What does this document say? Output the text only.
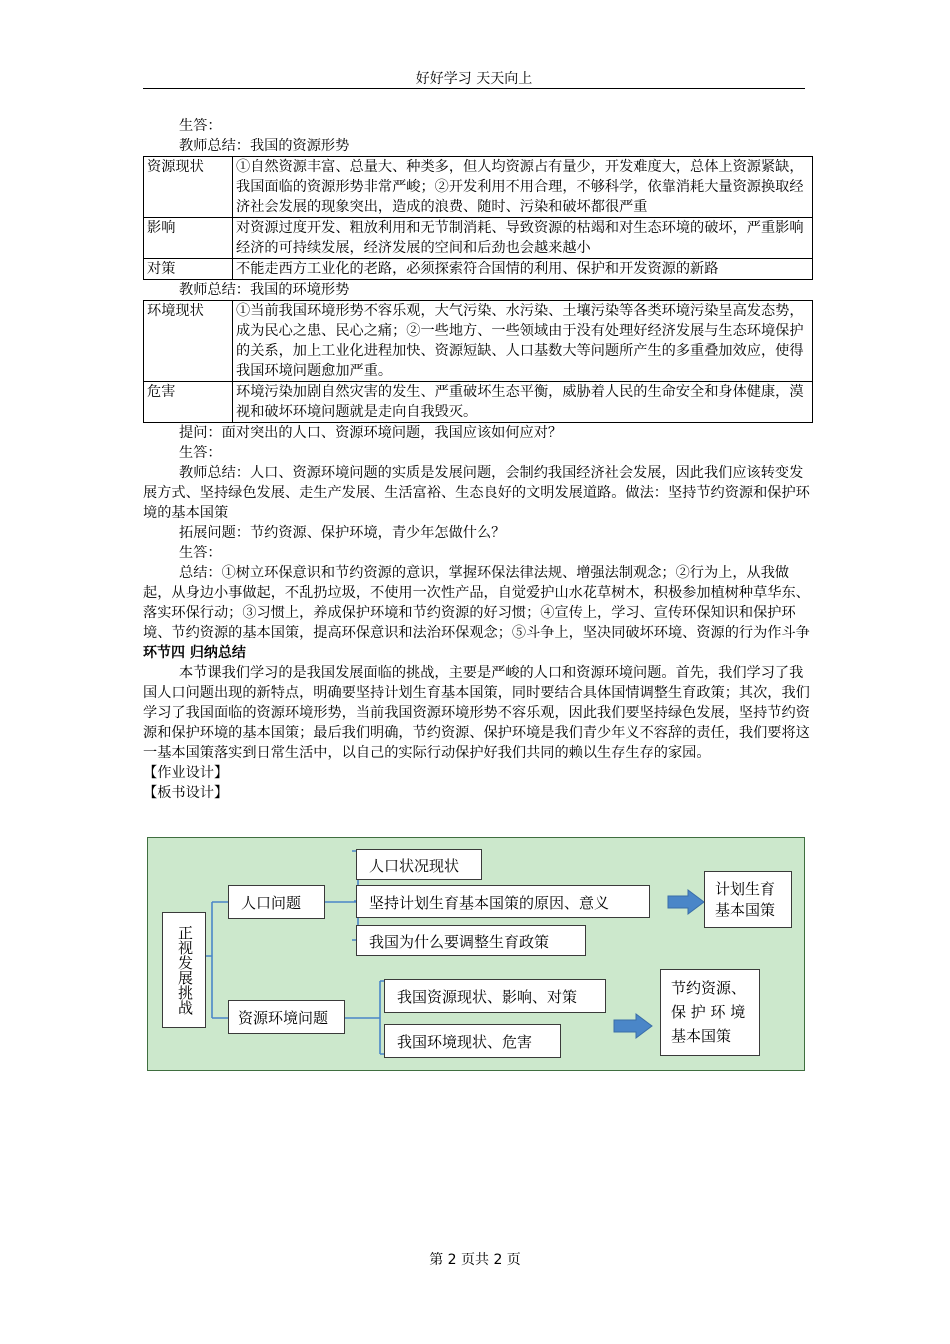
好好学习 天天向上

生答：

教师总结：我国的资源形势

资源现状	①自然资源丰富、总量大、种类多，但人均资源占有量少，开发难度大，总体上资源紧缺，我国面临的资源形势非常严峻；②开发利用不用合理，不够科学，依靠消耗大量资源换取经济社会发展的现象突出，造成的浪费、随时、污染和破坏都很严重
影响	对资源过度开发、粗放利用和无节制消耗、导致资源的枯竭和对生态环境的破坏，严重影响经济的可持续发展，经济发展的空间和后劲也会越来越小
对策	不能走西方工业化的老路，必须探索符合国情的利用、保护和开发资源的新路

教师总结：我国的环境形势

环境现状	①当前我国环境形势不容乐观，大气污染、水污染、土壤污染等各类环境污染呈高发态势，成为民心之患、民心之痛；②一些地方、一些领域由于没有处理好经济发展与生态环境保护的关系，加上工业化进程加快、资源短缺、人口基数大等问题所产生的多重叠加效应，使得我国环境问题愈加严重。
危害	环境污染加剧自然灾害的发生、严重破坏生态平衡，威胁着人民的生命安全和身体健康，漠视和破坏环境问题就是走向自我毁灭。

提问：面对突出的人口、资源环境问题，我国应该如何应对？

生答：

教师总结：人口、资源环境问题的实质是发展问题，会制约我国经济社会发展，因此我们应该转变发展方式、坚持绿色发展、走生产发展、生活富裕、生态良好的文明发展道路。做法：坚持节约资源和保护环境的基本国策

拓展问题：节约资源、保护环境，青少年怎做什么？

生答：

总结：①树立环保意识和节约资源的意识，掌握环保法律法规、增强法制观念；②行为上，从我做起，从身边小事做起，不乱扔垃圾，不使用一次性产品，自觉爱护山水花草树木，积极参加植树种草华东、落实环保行动；③习惯上，养成保护环境和节约资源的好习惯；④宣传上，学习、宣传环保知识和保护环境、节约资源的基本国策，提高环保意识和法治环保观念；⑤斗争上，坚决同破坏环境、资源的行为作斗争

环节四 归纳总结

本节课我们学习的是我国发展面临的挑战，主要是严峻的人口和资源环境问题。首先，我们学习了我国人口问题出现的新特点，明确要坚持计划生育基本国策，同时要结合具体国情调整生育政策；其次，我们学习了我国面临的资源环境形势，当前我国资源环境形势不容乐观，因此我们要坚持绿色发展，坚持节约资源和保护环境的基本国策；最后我们明确，节约资源、保护环境是我们青少年义不容辞的责任，我们要将这一基本国策落实到日常生活中，以自己的实际行动保护好我们共同的赖以生存生存的家园。

【作业设计】

【板书设计】

正视发展挑战
人口问题
人口状况现状
坚持计划生育基本国策的原因、意义
我国为什么要调整生育政策
计划生育
基本国策
资源环境问题
我国资源现状、影响、对策
我国环境现状、危害
节约资源、
保 护 环 境
基本国策
第 2 页共 2 页
